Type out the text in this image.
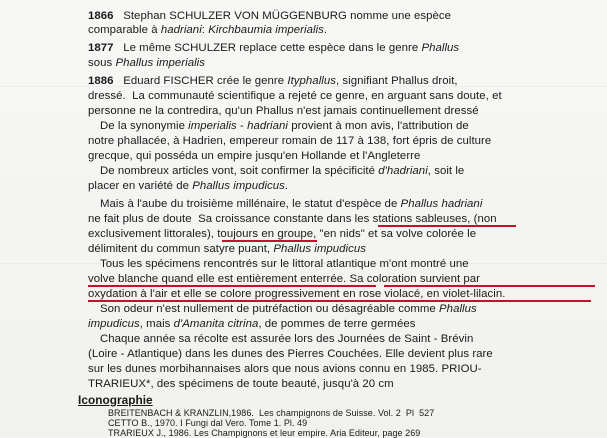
1866   Stephan SCHULZER VON MÜGGENBURG nomme une espèce
comparable à hadriani: Kirchbaumia imperialis.
1877   Le même SCHULZER replace cette espèce dans le genre Phallus
sous Phallus imperialis
1886   Eduard FISCHER crée le genre Ityphallus, signifiant Phallus droit,
dressé.  La communauté scientifique a rejeté ce genre, en arguant sans doute, et
personne ne la contredira, qu'un Phallus n'est jamais continuellement dressé
De la synonymie imperialis - hadriani provient à mon avis, l'attribution de
notre phallacée, à Hadrien, empereur romain de 117 à 138, fort épris de culture
grecque, qui posséda un empire jusqu'en Hollande et l'Angleterre
De nombreux articles vont, soit confirmer la spécificité d'hadriani, soit le
placer en variété de Phallus impudicus.
Mais à l'aube du troisième millénaire, le statut d'espèce de Phallus hadriani
ne fait plus de doute  Sa croissance constante dans les stations sableuses, (non
exclusivement littorales), toujours en groupe, "en nids" et sa volve colorée le
délimitent du commun satyre puant, Phallus impudicus
Tous les spécimens rencontrés sur le littoral atlantique m'ont montré une
volve blanche quand elle est entièrement enterrée. Sa coloration survient par
oxydation à l'air et elle se colore progressivement en rose violacé, en violet-lilacin.
Son odeur n'est nullement de putréfaction ou désagréable comme Phallus
impudicus, mais d'Amanita citrina, de pommes de terre germées
Chaque année sa récolte est assurée lors des Journées de Saint - Brévin
(Loire - Atlantique) dans les dunes des Pierres Couchées. Elle devient plus rare
sur les dunes morbihannaises alors que nous avions connu en 1985. PRIOU-
TRARIEUX*, des spécimens de toute beauté, jusqu'à 20 cm
Iconographie
BREITENBACH & KRANZLIN,1986.  Les champignons de Suisse. Vol. 2  Pl  527
CETTO B., 1970. I Fungi dal Vero. Tome 1. Pl. 49
TRARIEUX J., 1986. Les Champignons et leur empire. Aria Editeur, page 269
